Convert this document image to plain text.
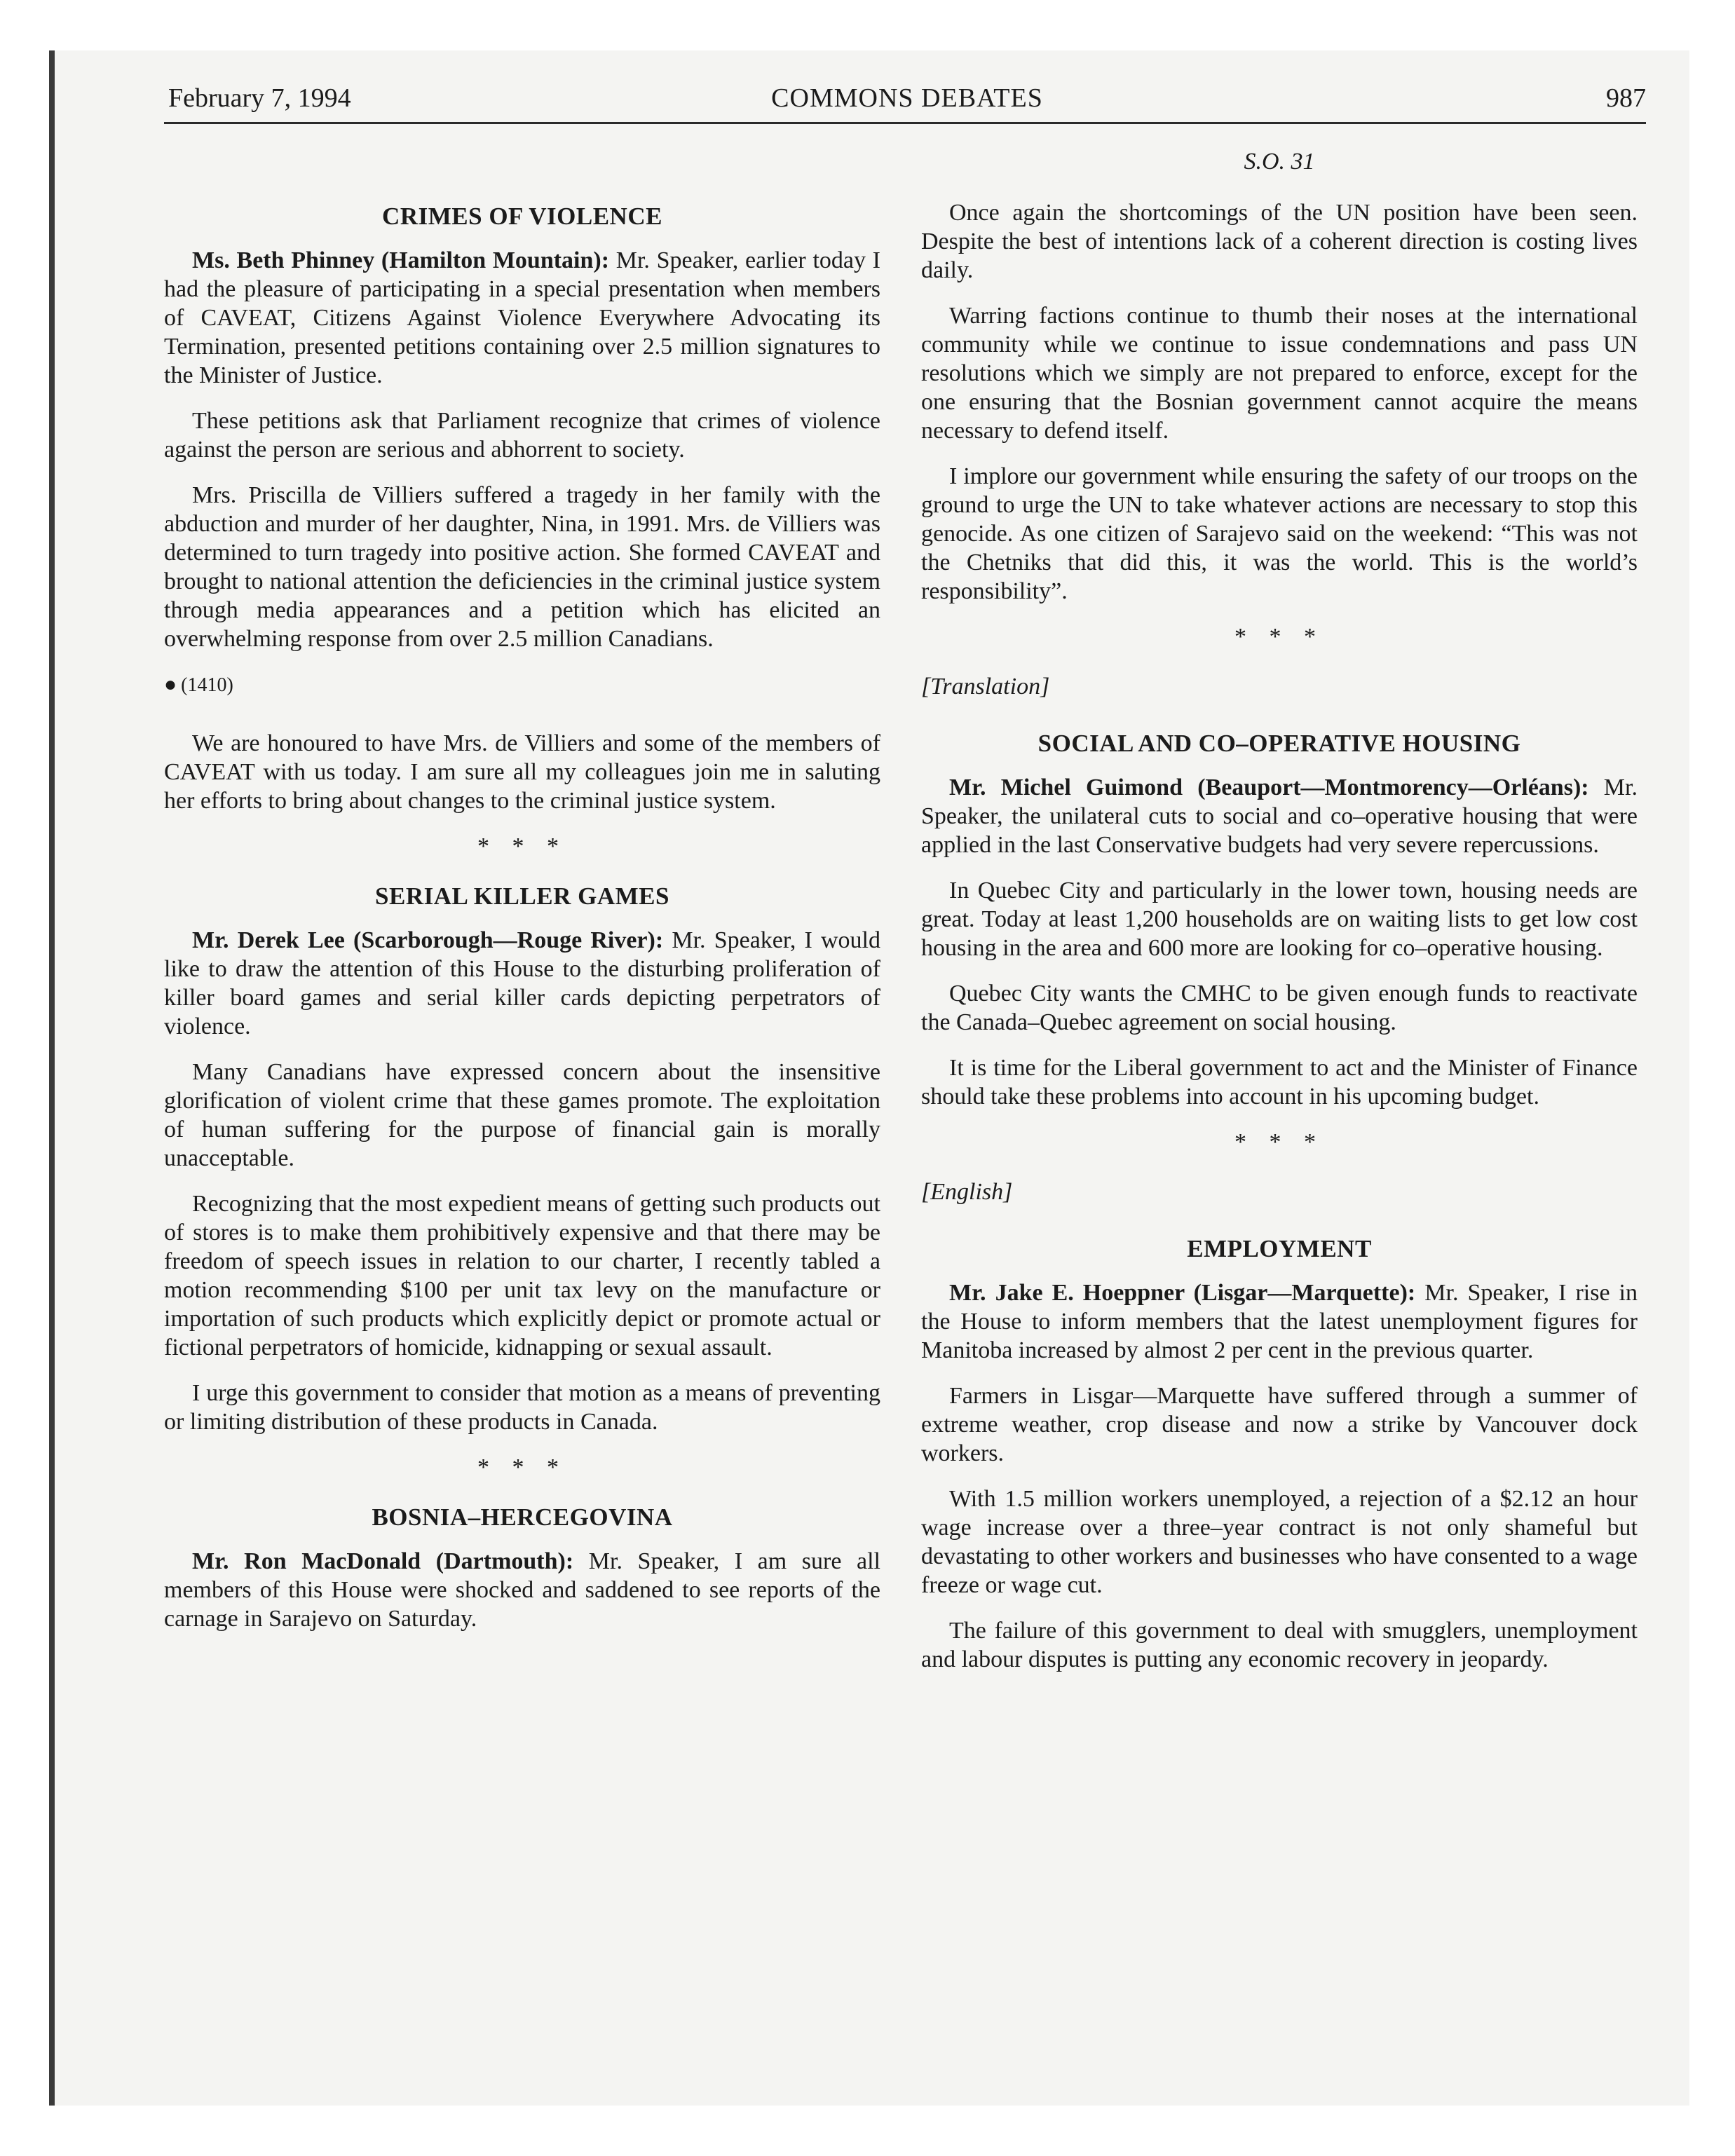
February 7, 1994	COMMONS DEBATES	987
CRIMES OF VIOLENCE

Ms. Beth Phinney (Hamilton Mountain): Mr. Speaker, earlier today I had the pleasure of participating in a special presentation when members of CAVEAT, Citizens Against Violence Everywhere Advocating its Termination, presented petitions containing over 2.5 million signatures to the Minister of Justice.

These petitions ask that Parliament recognize that crimes of violence against the person are serious and abhorrent to society.

Mrs. Priscilla de Villiers suffered a tragedy in her family with the abduction and murder of her daughter, Nina, in 1991. Mrs. de Villiers was determined to turn tragedy into positive action. She formed CAVEAT and brought to national attention the deficiencies in the criminal justice system through media appearances and a petition which has elicited an overwhelming response from over 2.5 million Canadians.

● (1410)

We are honoured to have Mrs. de Villiers and some of the members of CAVEAT with us today. I am sure all my colleagues join me in saluting her efforts to bring about changes to the criminal justice system.

* * *
SERIAL KILLER GAMES

Mr. Derek Lee (Scarborough—Rouge River): Mr. Speaker, I would like to draw the attention of this House to the disturbing proliferation of killer board games and serial killer cards depicting perpetrators of violence.

Many Canadians have expressed concern about the insensitive glorification of violent crime that these games promote. The exploitation of human suffering for the purpose of financial gain is morally unacceptable.

Recognizing that the most expedient means of getting such products out of stores is to make them prohibitively expensive and that there may be freedom of speech issues in relation to our charter, I recently tabled a motion recommending $100 per unit tax levy on the manufacture or importation of such products which explicitly depict or promote actual or fictional perpetrators of homicide, kidnapping or sexual assault.

I urge this government to consider that motion as a means of preventing or limiting distribution of these products in Canada.

* * *
BOSNIA–HERCEGOVINA

Mr. Ron MacDonald (Dartmouth): Mr. Speaker, I am sure all members of this House were shocked and saddened to see reports of the carnage in Sarajevo on Saturday.

S.O. 31

Once again the shortcomings of the UN position have been seen. Despite the best of intentions lack of a coherent direction is costing lives daily.

Warring factions continue to thumb their noses at the international community while we continue to issue condemnations and pass UN resolutions which we simply are not prepared to enforce, except for the one ensuring that the Bosnian government cannot acquire the means necessary to defend itself.

I implore our government while ensuring the safety of our troops on the ground to urge the UN to take whatever actions are necessary to stop this genocide. As one citizen of Sarajevo said on the weekend: “This was not the Chetniks that did this, it was the world. This is the world’s responsibility”.

* * *
[Translation]
SOCIAL AND CO–OPERATIVE HOUSING

Mr. Michel Guimond (Beauport—Montmorency—Orléans): Mr. Speaker, the unilateral cuts to social and co–operative housing that were applied in the last Conservative budgets had very severe repercussions.

In Quebec City and particularly in the lower town, housing needs are great. Today at least 1,200 households are on waiting lists to get low cost housing in the area and 600 more are looking for co–operative housing.

Quebec City wants the CMHC to be given enough funds to reactivate the Canada–Quebec agreement on social housing.

It is time for the Liberal government to act and the Minister of Finance should take these problems into account in his upcoming budget.

* * *
[English]
EMPLOYMENT

Mr. Jake E. Hoeppner (Lisgar—Marquette): Mr. Speaker, I rise in the House to inform members that the latest unemployment figures for Manitoba increased by almost 2 per cent in the previous quarter.

Farmers in Lisgar—Marquette have suffered through a summer of extreme weather, crop disease and now a strike by Vancouver dock workers.

With 1.5 million workers unemployed, a rejection of a $2.12 an hour wage increase over a three–year contract is not only shameful but devastating to other workers and businesses who have consented to a wage freeze or wage cut.

The failure of this government to deal with smugglers, unemployment and labour disputes is putting any economic recovery in jeopardy.
